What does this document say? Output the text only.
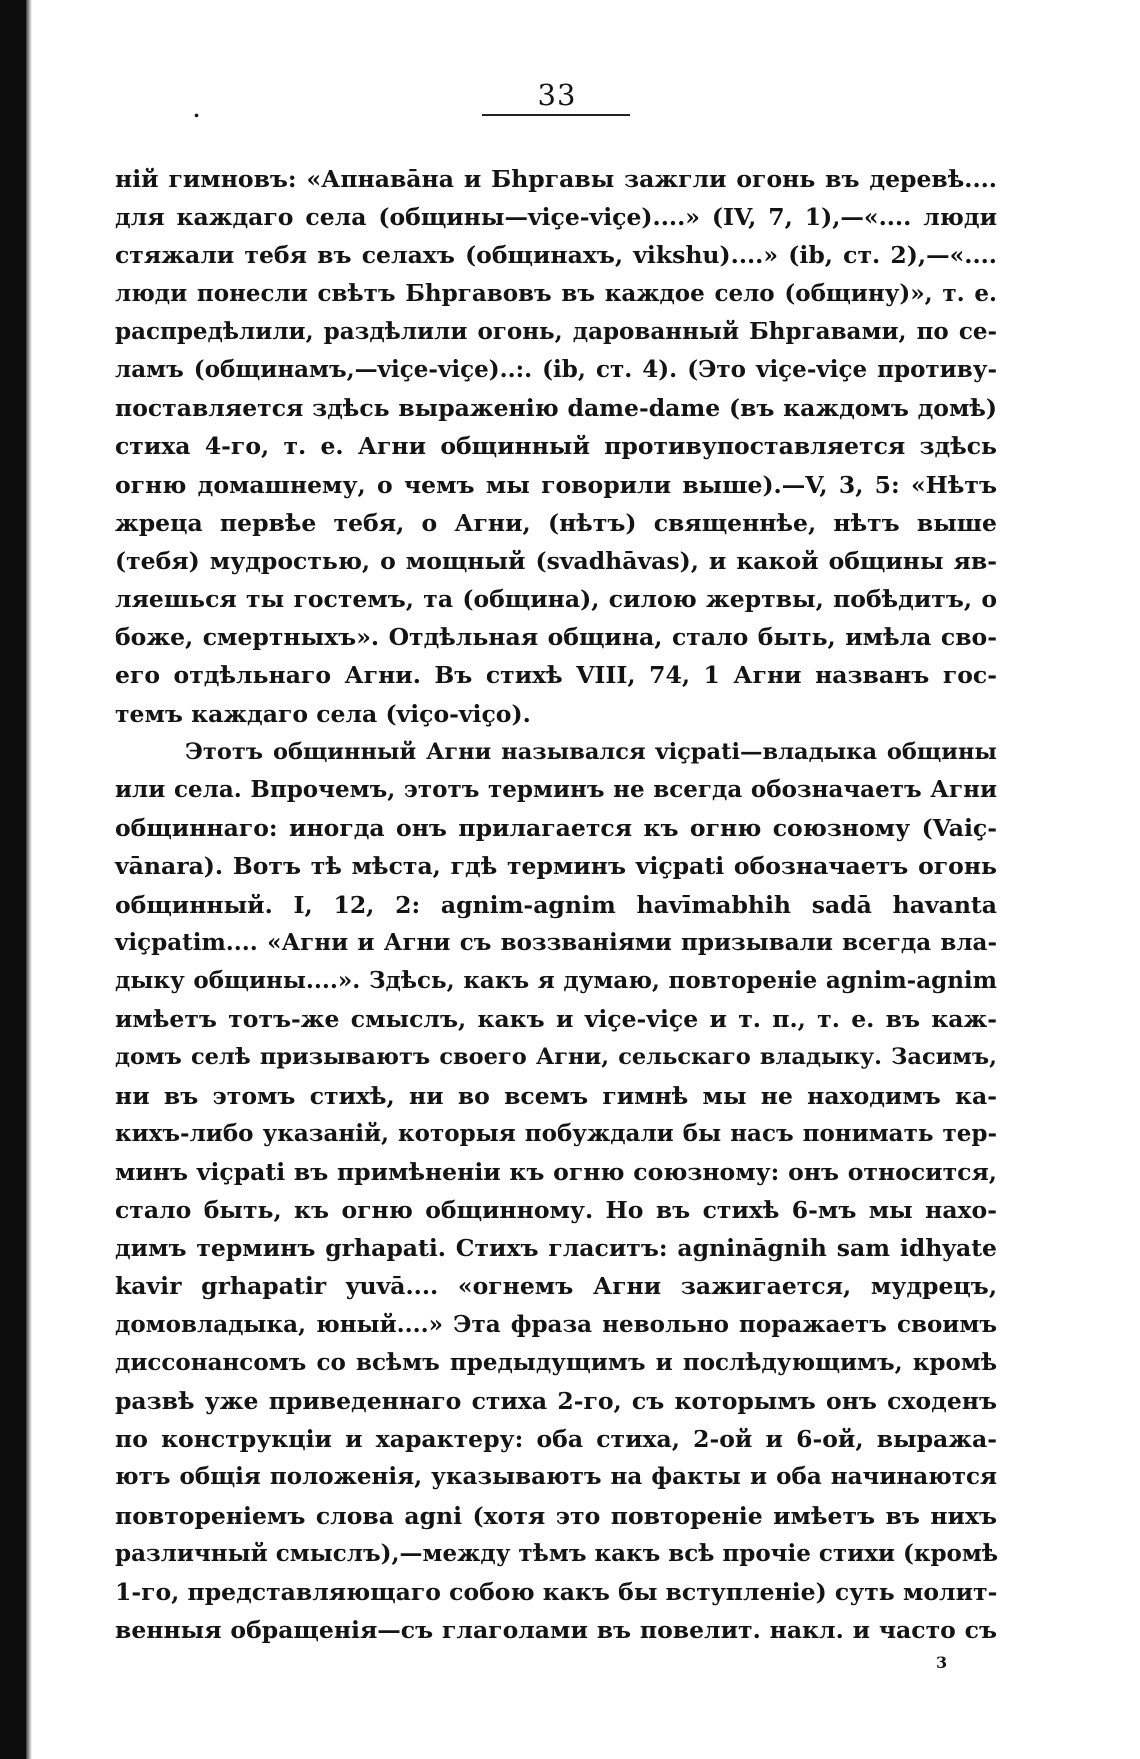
.	33
ній гимновъ: «Апнавāна и Бhргавы зажгли огонь въ деревѣ....
для каждаго села (общины—viçe-viçe)....» (IV, 7, 1),—«.... люди
стяжали тебя въ селахъ (общинахъ, vikshu)....» (ib, ст. 2),—«....
люди понесли свѣтъ Бhргавовъ въ каждое село (общину)», т. е.
распредѣлили, раздѣлили огонь, дарованный Бhргавами, по се-
ламъ (общинамъ,—viçe-viçe)..:. (ib, ст. 4). (Это viçe-viçe противу-
поставляется здѣсь выраженію dame-dame (въ каждомъ домѣ)
стиха 4-го, т. е. Агни общинный противупоставляется здѣсь
огню домашнему, о чемъ мы говорили выше).—V, 3, 5: «Нѣтъ
жреца первѣе тебя, о Агни, (нѣтъ) священнѣе, нѣтъ выше
(тебя) мудростью, о мощный (svadhāvas), и какой общины яв-
ляешься ты гостемъ, та (община), силою жертвы, побѣдитъ, о
боже, смертныхъ». Отдѣльная община, стало быть, имѣла сво-
его отдѣльнаго Агни. Въ стихѣ VIII, 74, 1 Агни названъ гос-
темъ каждаго села (viço-viço).
Этотъ общинный Агни назывался viçpati—владыка общины
или села. Впрочемъ, этотъ терминъ не всегда обозначаетъ Агни
общиннаго: иногда онъ прилагается къ огню союзному (Vaiç-
vānara). Вотъ тѣ мѣста, гдѣ терминъ viçpati обозначаетъ огонь
общинный. I, 12, 2: agnim-agnim havīmabhih sadā havanta
viçpatim.... «Агни и Агни съ воззваніями призывали всегда вла-
дыку общины....». Здѣсь, какъ я думаю, повтореніе agnim-agnim
имѣетъ тотъ-же смыслъ, какъ и viçe-viçe и т. п., т. е. въ каж-
домъ селѣ призываютъ своего Агни, сельскаго владыку. Засимъ,
ни въ этомъ стихѣ, ни во всемъ гимнѣ мы не находимъ ка-
кихъ-либо указаній, которыя побуждали бы насъ понимать тер-
минъ viçpati въ примѣненіи къ огню союзному: онъ относится,
стало быть, къ огню общинному. Но въ стихѣ 6-мъ мы нахо-
димъ терминъ grhapati. Стихъ гласитъ: agnināgnih sam idhyate
kavir grhapatir yuvā.... «огнемъ Агни зажигается, мудрецъ,
домовладыка, юный....» Эта фраза невольно поражаетъ своимъ
диссонансомъ со всѣмъ предыдущимъ и послѣдующимъ, кромѣ
развѣ уже приведеннаго стиха 2-го, съ которымъ онъ сходенъ
по конструкціи и характеру: оба стиха, 2-ой и 6-ой, выража-
ютъ общія положенія, указываютъ на факты и оба начинаются
повтореніемъ слова agni (хотя это повтореніе имѣетъ въ нихъ
различный смыслъ),—между тѣмъ какъ всѣ прочіе стихи (кромѣ
1-го, представляющаго собою какъ бы вступленіе) суть молит-
венныя обращенія—съ глаголами въ повелит. накл. и часто съ
3
